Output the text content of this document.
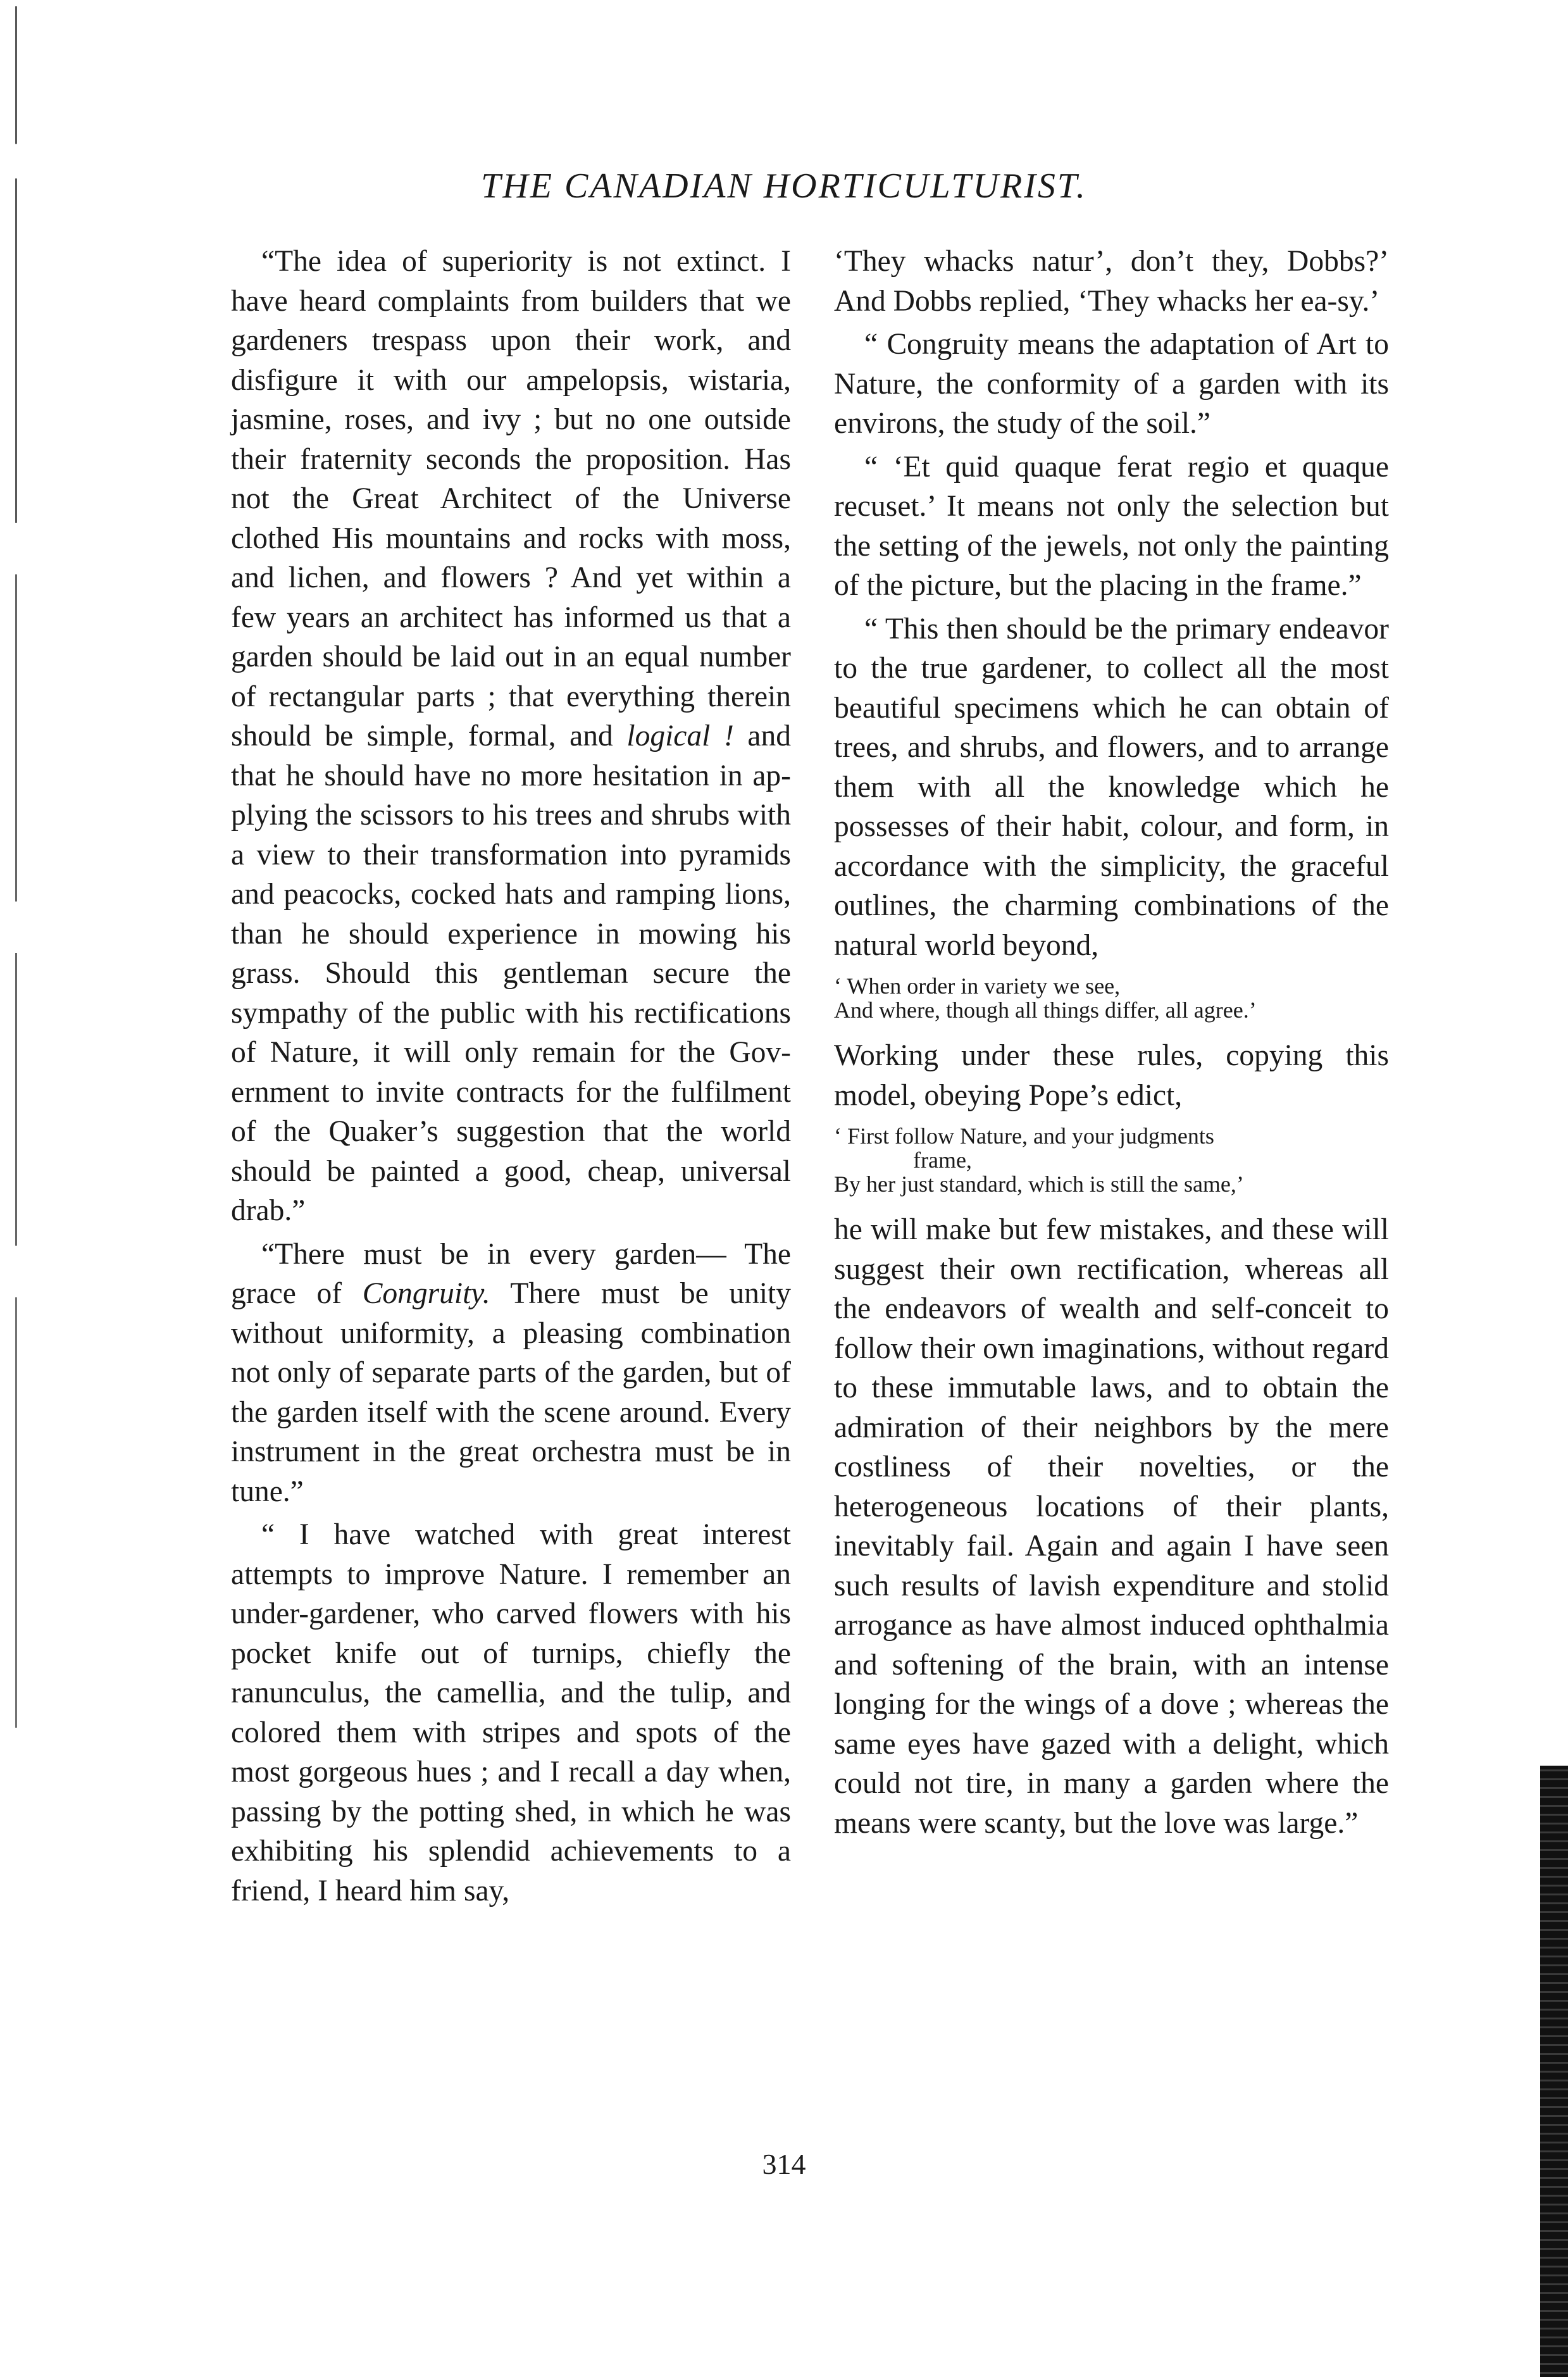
THE CANADIAN HORTICULTURIST.

“The idea of superiority is not extinct. I have heard complaints from builders that we gardeners trespass upon their work, and disfigure it with our ampelopsis, wistaria, jasmine, roses, and ivy ; but no one outside their fraternity seconds the proposition. Has not the Great Architect of the Universe clothed His mountains and rocks with moss, and lichen, and flowers ? And yet within a few years an architect has informed us that a garden should be laid out in an equal number of rectangular parts ; that everything therein should be simple, formal, and logical ! and that he should have no more hesitation in applying the scissors to his trees and shrubs with a view to their transformation into pyramids and peacocks, cocked hats and ramping lions, than he should experience in mowing his grass. Should this gentleman secure the sympathy of the public with his rectifications of Nature, it will only remain for the Government to invite contracts for the fulfilment of the Quaker’s suggestion that the world should be painted a good, cheap, universal drab.”

“There must be in every garden— The grace of Congruity. There must be unity without uniformity, a pleasing combination not only of separate parts of the garden, but of the garden itself with the scene around. Every instrument in the great orchestra must be in tune.”

“ I have watched with great interest attempts to improve Nature. I remember an under-gardener, who carved flowers with his pocket knife out of turnips, chiefly the ranunculus, the camellia, and the tulip, and colored them with stripes and spots of the most gorgeous hues ; and I recall a day when, passing by the potting shed, in which he was exhibiting his splendid achievements to a friend, I heard him say,

‘They whacks natur’, don’t they, Dobbs?’ And Dobbs replied, ‘They whacks her ea-sy.’

“ Congruity means the adaptation of Art to Nature, the conformity of a garden with its environs, the study of the soil.”

“ ‘Et quid quaque ferat regio et quaque recuset.’ It means not only the selection but the setting of the jewels, not only the painting of the picture, but the placing in the frame.”

“ This then should be the primary endeavor to the true gardener, to collect all the most beautiful specimens which he can obtain of trees, and shrubs, and flowers, and to arrange them with all the knowledge which he possesses of their habit, colour, and form, in accordance with the simplicity, the graceful outlines, the charming combinations of the natural world beyond,

‘ When order in variety we see,
And where, though all things differ, all agree.’

Working under these rules, copying this model, obeying Pope’s edict,

‘ First follow Nature, and your judgments
frame,
By her just standard, which is still the same,’

he will make but few mistakes, and these will suggest their own rectification, whereas all the endeavors of wealth and self-conceit to follow their own imaginations, without regard to these immutable laws, and to obtain the admiration of their neighbors by the mere costliness of their novelties, or the heterogeneous locations of their plants, inevitably fail. Again and again I have seen such results of lavish expenditure and stolid arrogance as have almost induced ophthalmia and softening of the brain, with an intense longing for the wings of a dove ; whereas the same eyes have gazed with a delight, which could not tire, in many a garden where the means were scanty, but the love was large.”

314
